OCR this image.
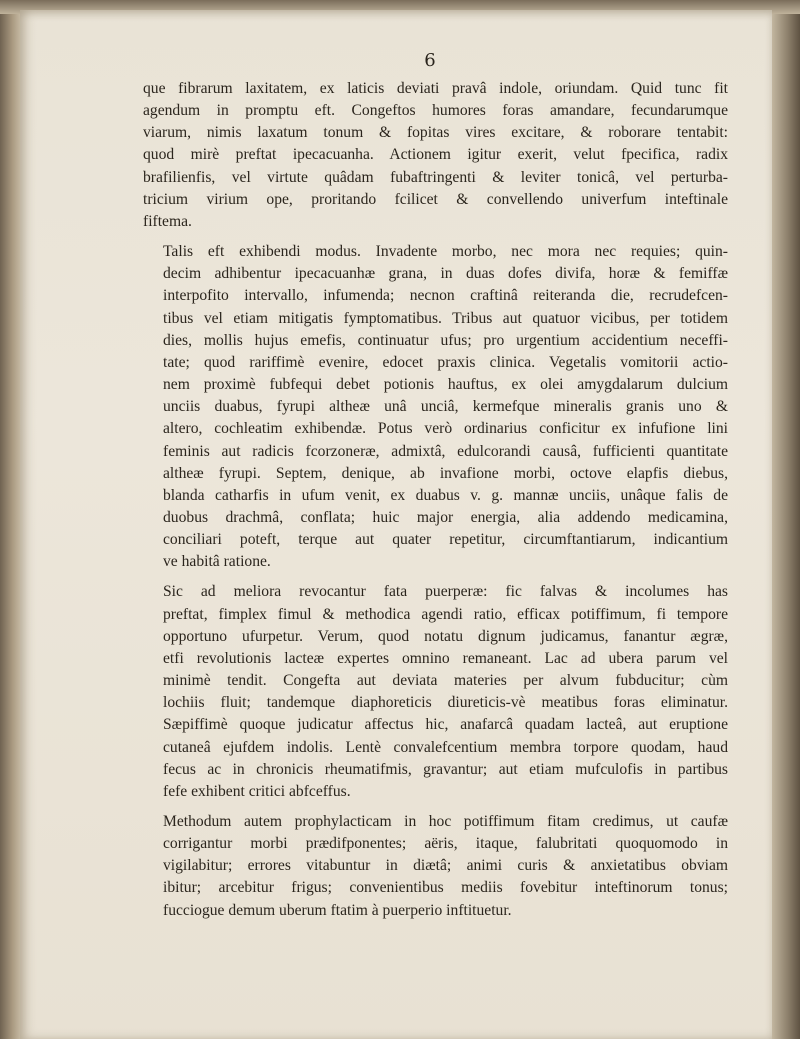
6
que fibrarum laxitatem, ex laticis deviati pravâ indole, oriundam. Quid tunc fit
agendum in promptu eft. Congeftos humores foras amandare, fecundarumque
viarum, nimis laxatum tonum & fopitas vires excitare, & roborare tentabit:
quod mirè preftat ipecacuanha. Actionem igitur exerit, velut fpecifica, radix
brafilienfis, vel virtute quâdam fubaftringenti & leviter tonicâ, vel perturba-
tricium virium ope, proritando fcilicet & convellendo univerfum inteftinale
fiftema.
Talis eft exhibendi modus. Invadente morbo, nec mora nec requies; quin-
decim adhibentur ipecacuanhæ grana, in duas dofes divifa, horæ & femiffæ
interpofito intervallo, infumenda; necnon craftinâ reiteranda die, recrudefcen-
tibus vel etiam mitigatis fymptomatibus. Tribus aut quatuor vicibus, per totidem
dies, mollis hujus emefis, continuatur ufus; pro urgentium accidentium neceffi-
tate; quod rariffimè evenire, edocet praxis clinica. Vegetalis vomitorii actio-
nem proximè fubfequi debet potionis hauftus, ex olei amygdalarum dulcium
unciis duabus, fyrupi altheæ unâ unciâ, kermefque mineralis granis uno &
altero, cochleatim exhibendæ. Potus verò ordinarius conficitur ex infufione lini
feminis aut radicis fcorzoneræ, admixtâ, edulcorandi causâ, fufficienti quantitate
altheæ fyrupi. Septem, denique, ab invafione morbi, octove elapfis diebus,
blanda catharfis in ufum venit, ex duabus v. g. mannæ unciis, unâque falis de
duobus drachmâ, conflata; huic major energia, alia addendo medicamina,
conciliari poteft, terque aut quater repetitur, circumftantiarum, indicantium
ve habitâ ratione.
Sic ad meliora revocantur fata puerperæ: fic falvas & incolumes has
preftat, fimplex fimul & methodica agendi ratio, efficax potiffimum, fi tempore
opportuno ufurpetur. Verum, quod notatu dignum judicamus, fanantur ægræ,
etfi revolutionis lacteæ expertes omnino remaneant. Lac ad ubera parum vel
minimè tendit. Congefta aut deviata materies per alvum fubducitur; cùm
lochiis fluit; tandemque diaphoreticis diureticis-vè meatibus foras eliminatur.
Sæpiffimè quoque judicatur affectus hic, anafarcâ quadam lacteâ, aut eruptione
cutaneâ ejufdem indolis. Lentè convalefcentium membra torpore quodam, haud
fecus ac in chronicis rheumatifmis, gravantur; aut etiam mufculofis in partibus
fefe exhibent critici abfceffus.
Methodum autem prophylacticam in hoc potiffimum fitam credimus, ut caufæ
corrigantur morbi prædifponentes; aëris, itaque, falubritati quoquomodo in
vigilabitur; errores vitabuntur in diætâ; animi curis & anxietatibus obviam
ibitur; arcebitur frigus; convenientibus mediis fovebitur inteftinorum tonus;
fucciogue demum uberum ftatim à puerperio inftituetur.
